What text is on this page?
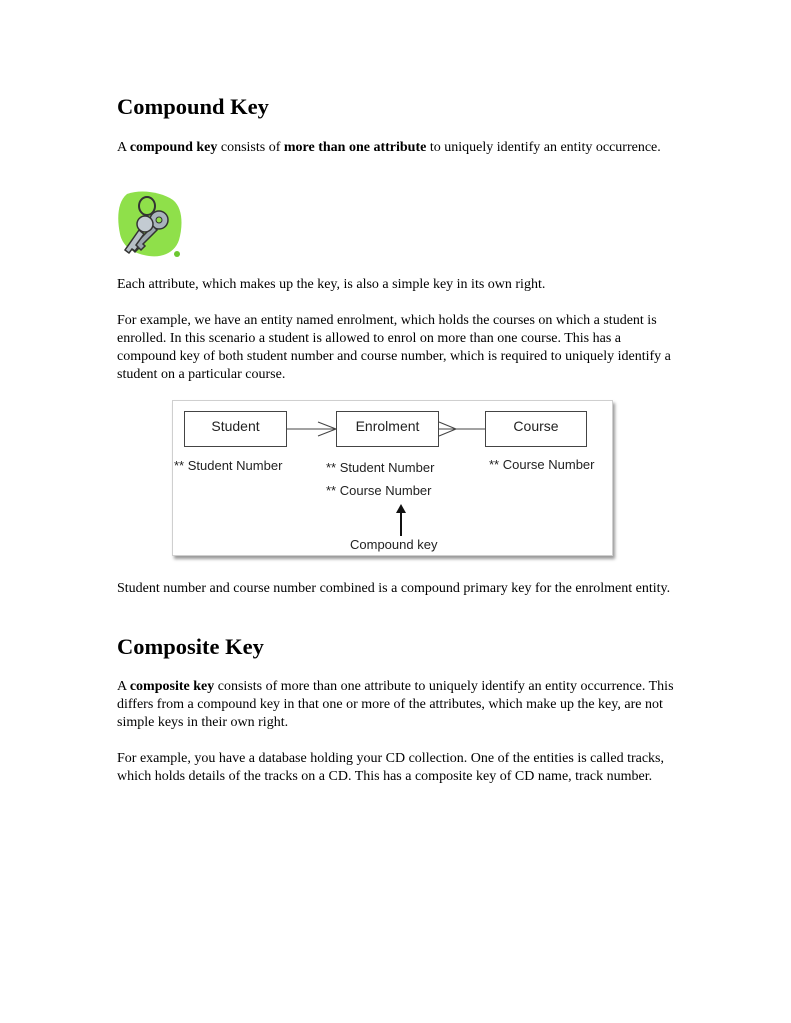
Compound Key

A compound key consists of more than one attribute to uniquely identify an entity occurrence.

Each attribute, which makes up the key, is also a simple key in its own right.

For example, we have an entity named enrolment, which holds the courses on which a student is enrolled. In this scenario a student is allowed to enrol on more than one course. This has a compound key of both student number and course number, which is required to uniquely identify a student on a particular course.

Student	Enrolment	Course
** Student Number	** Student Number
** Course Number
** Course Number
Compound key

Student number and course number combined is a compound primary key for the enrolment entity.

Composite Key

A composite key consists of more than one attribute to uniquely identify an entity occurrence. This differs from a compound key in that one or more of the attributes, which make up the key, are not simple keys in their own right.

For example, you have a database holding your CD collection. One of the entities is called tracks, which holds details of the tracks on a CD. This has a composite key of CD name, track number.
